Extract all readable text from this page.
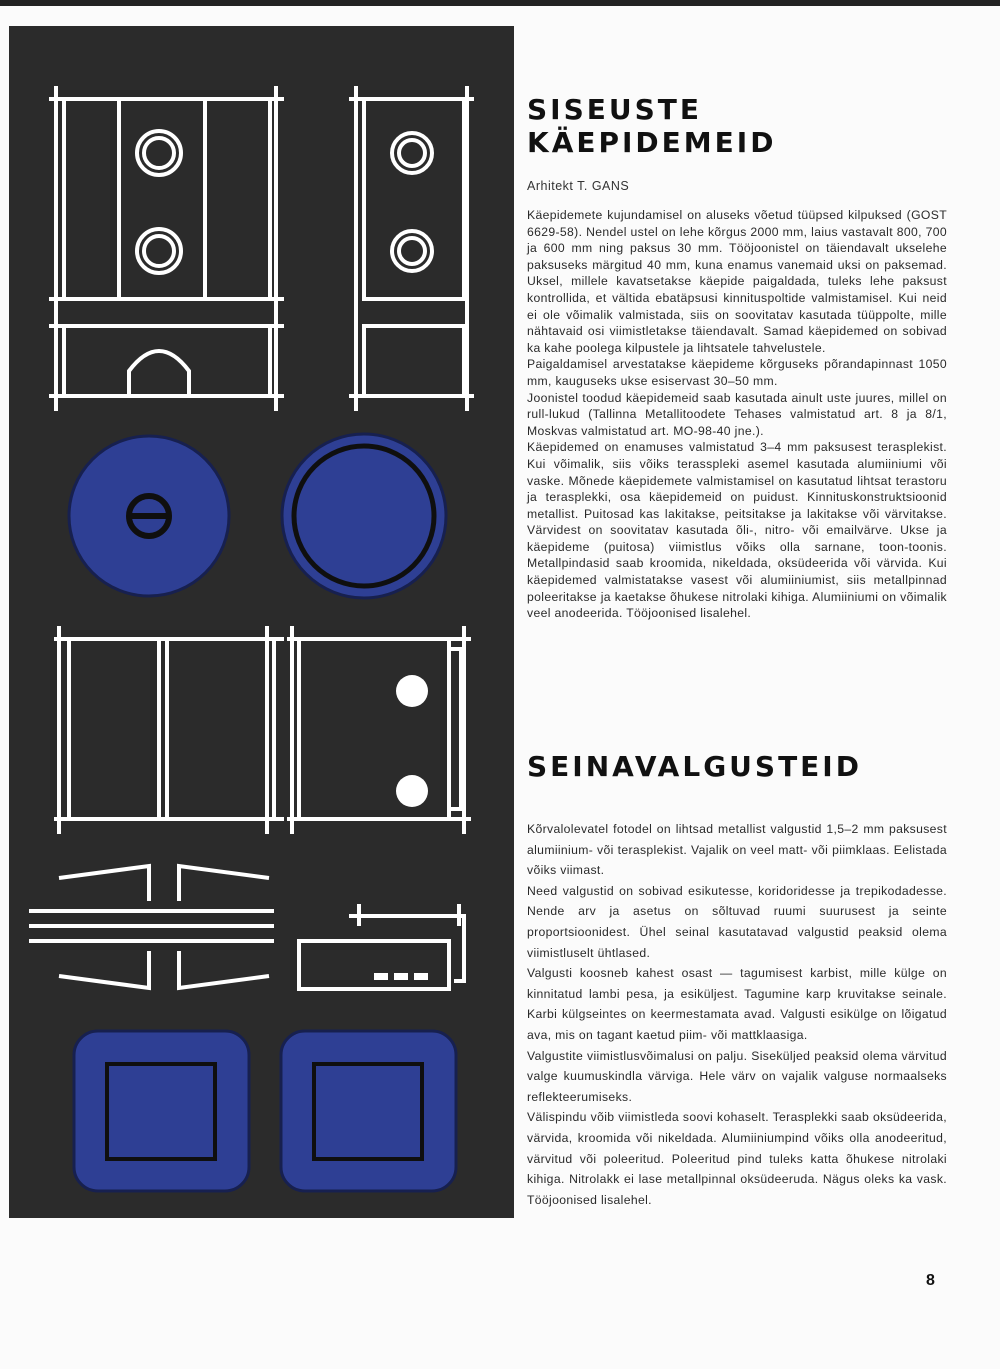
SISEUSTE KÄEPIDEMEID

Arhitekt T. GANS

Käepidemete kujundamisel on aluseks võetud tüüpsed kilpuksed (GOST 6629-58). Nendel ustel on lehe kõrgus 2000 mm, laius vastavalt 800, 700 ja 600 mm ning paksus 30 mm. Tööjoonistel on täiendavalt ukselehe paksuseks märgitud 40 mm, kuna enamus vanemaid uksi on paksemad. Uksel, millele kavatsetakse käepide paigaldada, tuleks lehe paksust kontrollida, et vältida ebatäpsusi kinnituspoltide valmistamisel. Kui neid ei ole võimalik valmistada, siis on soovitatav kasutada tüüppolte, mille nähtavaid osi viimistletakse täiendavalt. Samad käepidemed on sobivad ka kahe poolega kilpustele ja lihtsatele tahvelustele.

Paigaldamisel arvestatakse käepideme kõrguseks põrandapinnast 1050 mm, kauguseks ukse esiservast 30–50 mm.

Joonistel toodud käepidemeid saab kasutada ainult uste juures, millel on rull-lukud (Tallinna Metallitoodete Tehases valmistatud art. 8 ja 8/1, Moskvas valmistatud art. MO-98-40 jne.).

Käepidemed on enamuses valmistatud 3–4 mm paksusest terasplekist. Kui võimalik, siis võiks terasspleki asemel kasutada alumiiniumi või vaske. Mõnede käepidemete valmistamisel on kasutatud lihtsat terastoru ja terasplekki, osa käepidemeid on puidust. Kinnituskonstruktsioonid metallist. Puitosad kas lakitakse, peitsitakse ja lakitakse või värvitakse. Värvidest on soovitatav kasutada õli-, nitro- või emailvärve. Ukse ja käepideme (puitosa) viimistlus võiks olla sarnane, toon-toonis. Metallpindasid saab kroomida, nikeldada, oksüdeerida või värvida. Kui käepidemed valmistatakse vasest või alumiiniumist, siis metallpinnad poleeritakse ja kaetakse õhukese nitrolaki kihiga. Alumiiniumi on võimalik veel anodeerida. Tööjoonised lisalehel.

SEINAVALGUSTEID

Kõrvalolevatel fotodel on lihtsad metallist valgustid 1,5–2 mm paksusest alumiinium- või terasplekist. Vajalik on veel matt- või piimklaas. Eelistada võiks viimast.

Need valgustid on sobivad esikutesse, koridoridesse ja trepikodadesse. Nende arv ja asetus on sõltuvad ruumi suurusest ja seinte proportsioonidest. Ühel seinal kasutatavad valgustid peaksid olema viimistluselt ühtlased.

Valgusti koosneb kahest osast — tagumisest karbist, mille külge on kinnitatud lambi pesa, ja esiküljest. Tagumine karp kruvitakse seinale. Karbi külgseintes on keermestamata avad. Valgusti esikülge on lõigatud ava, mis on tagant kaetud piim- või mattklaasiga.

Valgustite viimistlusvõimalusi on palju. Siseküljed peaksid olema värvitud valge kuumuskindla värviga. Hele värv on vajalik valguse normaalseks reflekteerumiseks.

Välispindu võib viimistleda soovi kohaselt. Terasplekki saab oksüdeerida, värvida, kroomida või nikeldada. Alumiiniumpind võiks olla anodeeritud, värvitud või poleeritud. Poleeritud pind tuleks katta õhukese nitrolaki kihiga. Nitrolakk ei lase metallpinnal oksüdeeruda. Nägus oleks ka vask. Tööjoonised lisalehel.

8
